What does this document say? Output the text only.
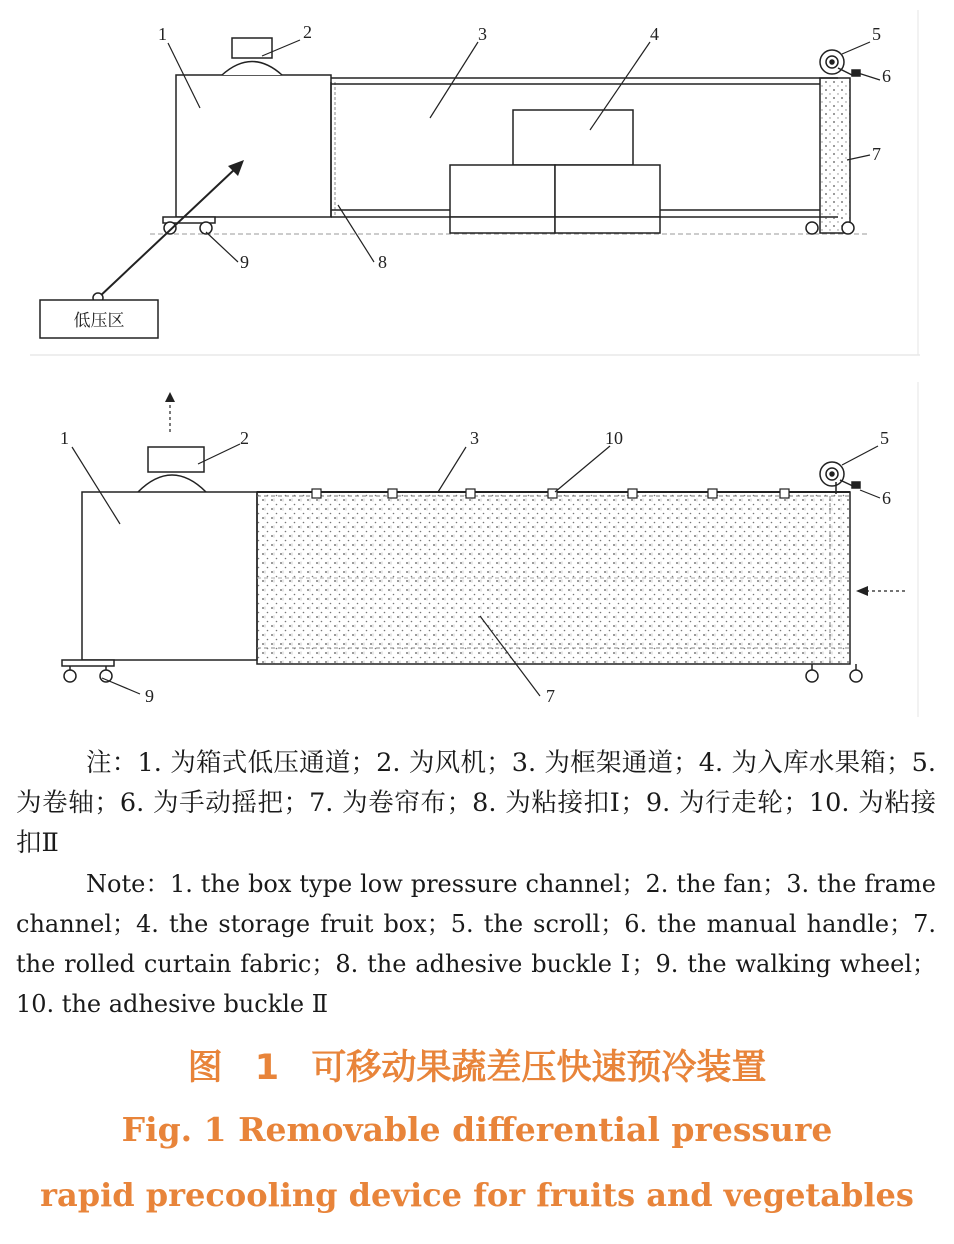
低压区
1	2	3	4	5
6
7
8
9
1	2	3	10	5
6
7
9

注：1. 为箱式低压通道；2. 为风机；3. 为框架通道；4. 为入库水果箱；5. 为卷轴；6. 为手动摇把；7. 为卷帘布；8. 为粘接扣Ⅰ；9. 为行走轮；10. 为粘接扣Ⅱ

Note：1. the box type low pressure channel；2. the fan；3. the frame channel；4. the storage fruit box；5. the scroll；6. the manual handle；7. the rolled curtain fabric；8. the adhesive buckle Ⅰ；9. the walking wheel；10. the adhesive buckle Ⅱ

图 1 可移动果蔬差压快速预冷装置
Fig. 1 Removable differential pressure
rapid precooling device for fruits and vegetables
